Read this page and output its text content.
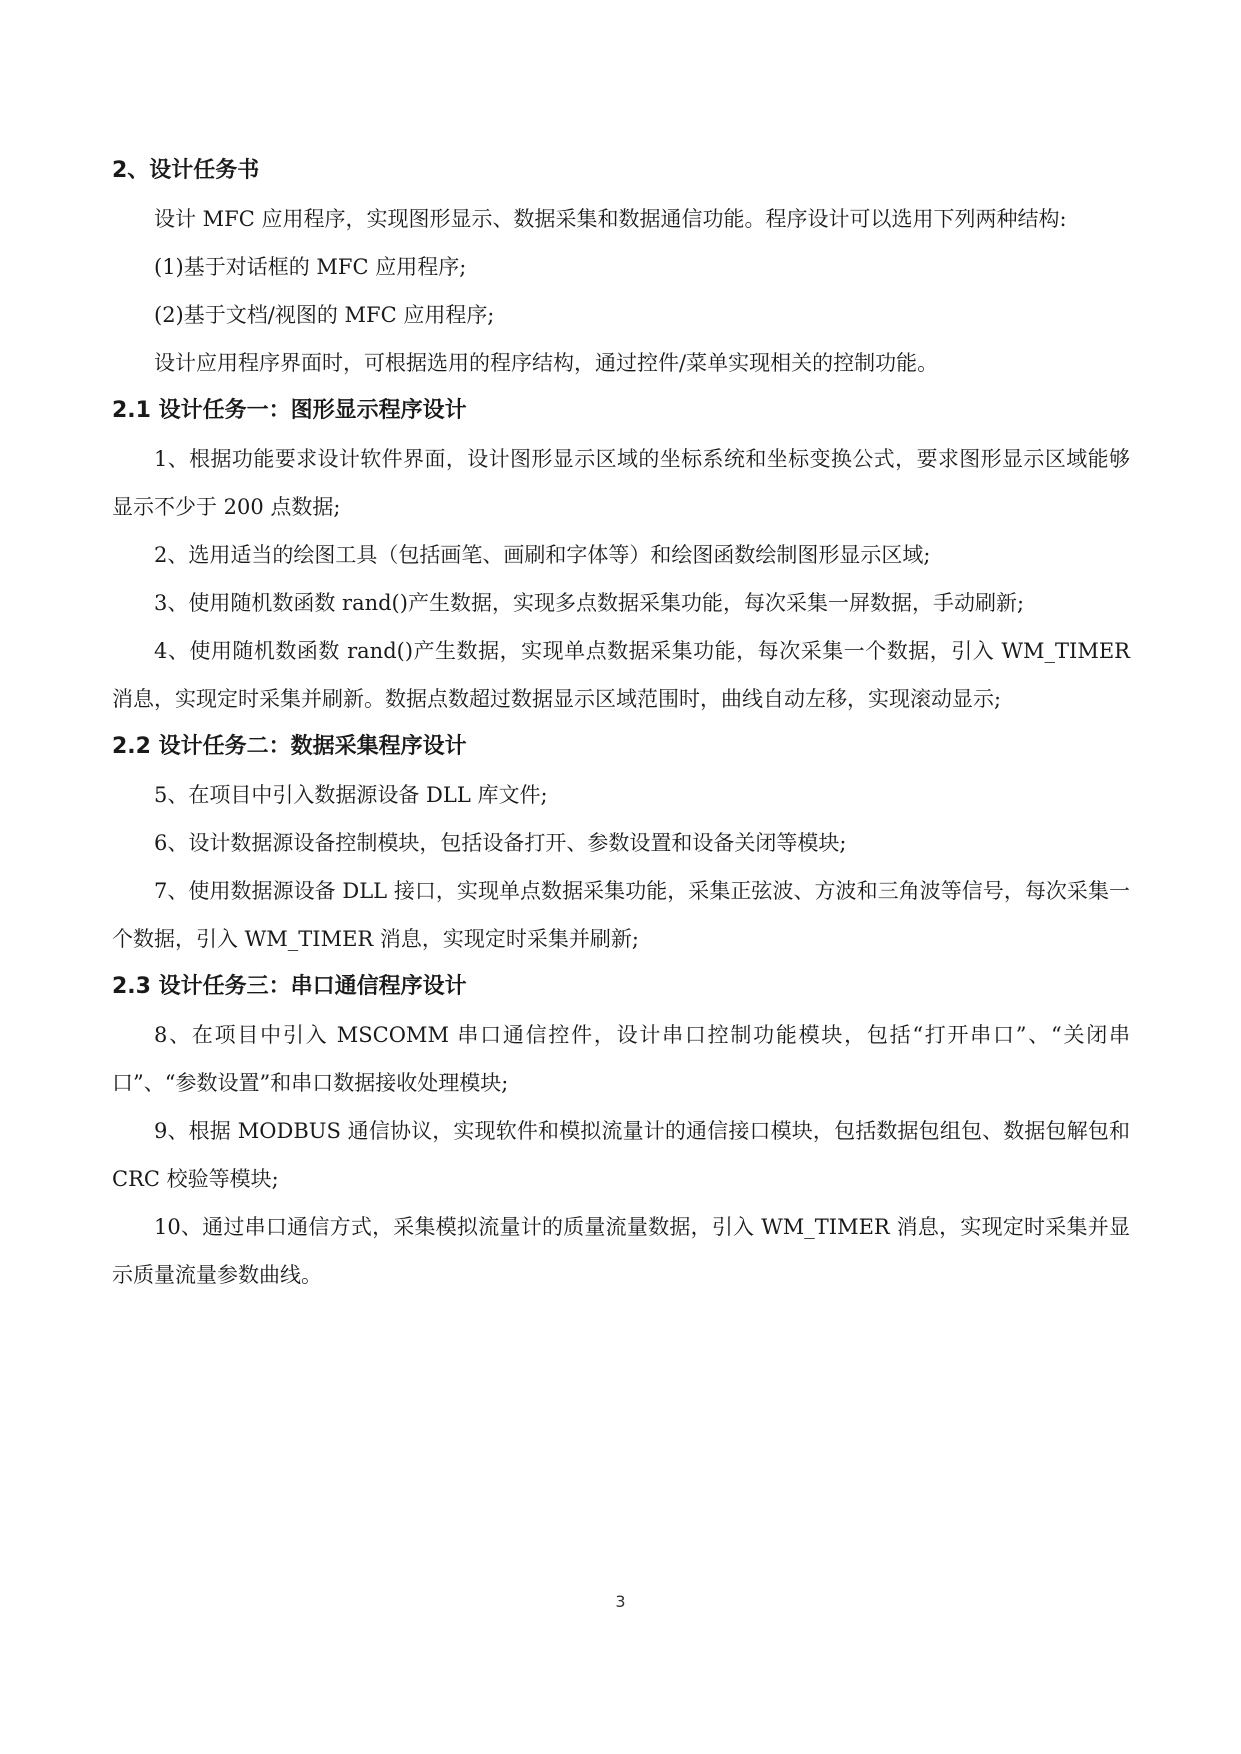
2、设计任务书

设计 MFC 应用程序，实现图形显示、数据采集和数据通信功能。程序设计可以选用下列两种结构:

(1)基于对话框的 MFC 应用程序;

(2)基于文档/视图的 MFC 应用程序;

设计应用程序界面时，可根据选用的程序结构，通过控件/菜单实现相关的控制功能。

2.1 设计任务一：图形显示程序设计

1、根据功能要求设计软件界面，设计图形显示区域的坐标系统和坐标变换公式，要求图形显示区域能够显示不少于 200 点数据;

2、选用适当的绘图工具（包括画笔、画刷和字体等）和绘图函数绘制图形显示区域;

3、使用随机数函数 rand()产生数据，实现多点数据采集功能，每次采集一屏数据，手动刷新;

4、使用随机数函数 rand()产生数据，实现单点数据采集功能，每次采集一个数据，引入 WM_TIMER 消息，实现定时采集并刷新。数据点数超过数据显示区域范围时，曲线自动左移，实现滚动显示;

2.2 设计任务二：数据采集程序设计

5、在项目中引入数据源设备 DLL 库文件;

6、设计数据源设备控制模块，包括设备打开、参数设置和设备关闭等模块;

7、使用数据源设备 DLL 接口，实现单点数据采集功能，采集正弦波、方波和三角波等信号，每次采集一个数据，引入 WM_TIMER 消息，实现定时采集并刷新;

2.3 设计任务三：串口通信程序设计

8、在项目中引入 MSCOMM 串口通信控件，设计串口控制功能模块，包括“打开串口”、“关闭串口”、“参数设置”和串口数据接收处理模块;

9、根据 MODBUS 通信协议，实现软件和模拟流量计的通信接口模块，包括数据包组包、数据包解包和 CRC 校验等模块;

10、通过串口通信方式，采集模拟流量计的质量流量数据，引入 WM_TIMER 消息，实现定时采集并显示质量流量参数曲线。

3
